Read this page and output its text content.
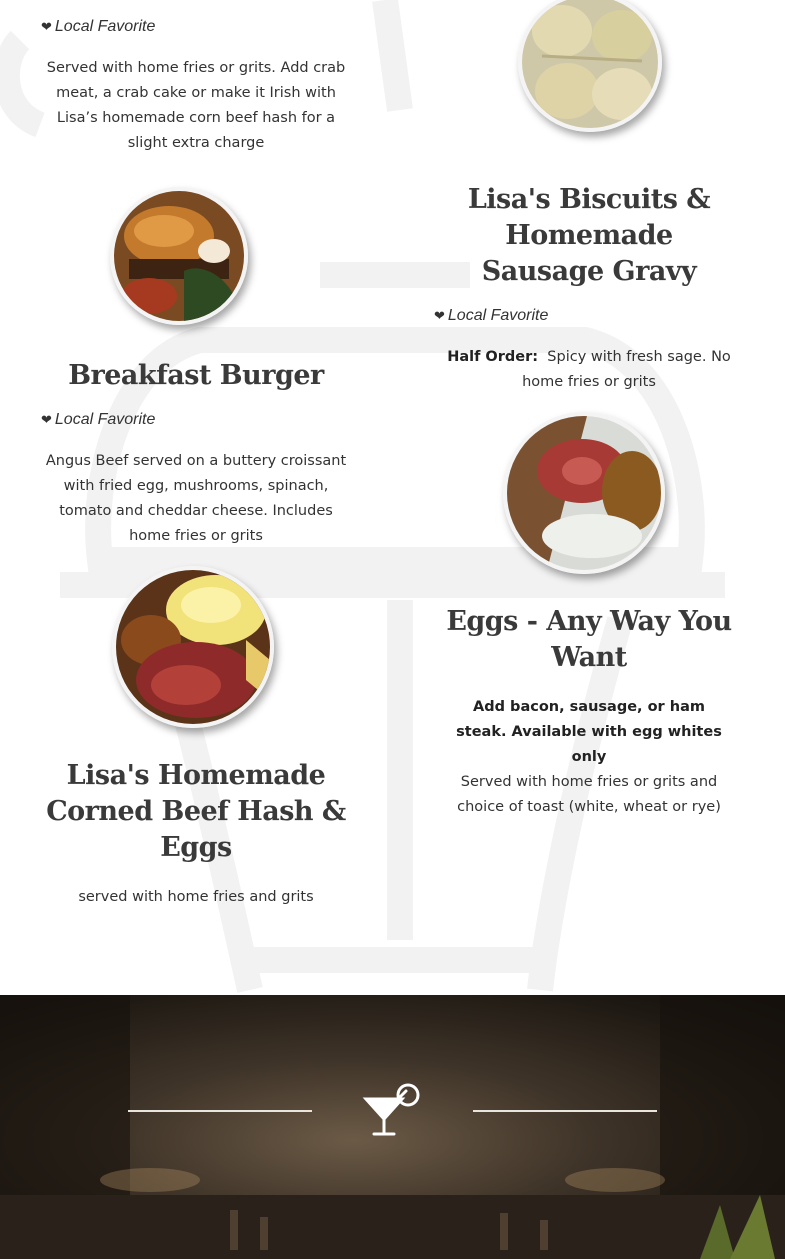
❤ Local Favorite
Served with home fries or grits. Add crab meat, a crab cake or make it Irish with Lisa’s homemade corn beef hash for a slight extra charge
Breakfast Burger
❤ Local Favorite
Angus Beef served on a buttery croissant with fried egg, mushrooms, spinach, tomato and cheddar cheese. Includes home fries or grits
Lisa's Homemade Corned Beef Hash & Eggs
served with home fries and grits
Lisa's Biscuits & Homemade Sausage Gravy
❤ Local Favorite
Half Order: Spicy with fresh sage. No home fries or grits
Eggs - Any Way You Want
Add bacon, sausage, or ham steak. Available with egg whites only
Served with home fries or grits and choice of toast (white, wheat or rye)
